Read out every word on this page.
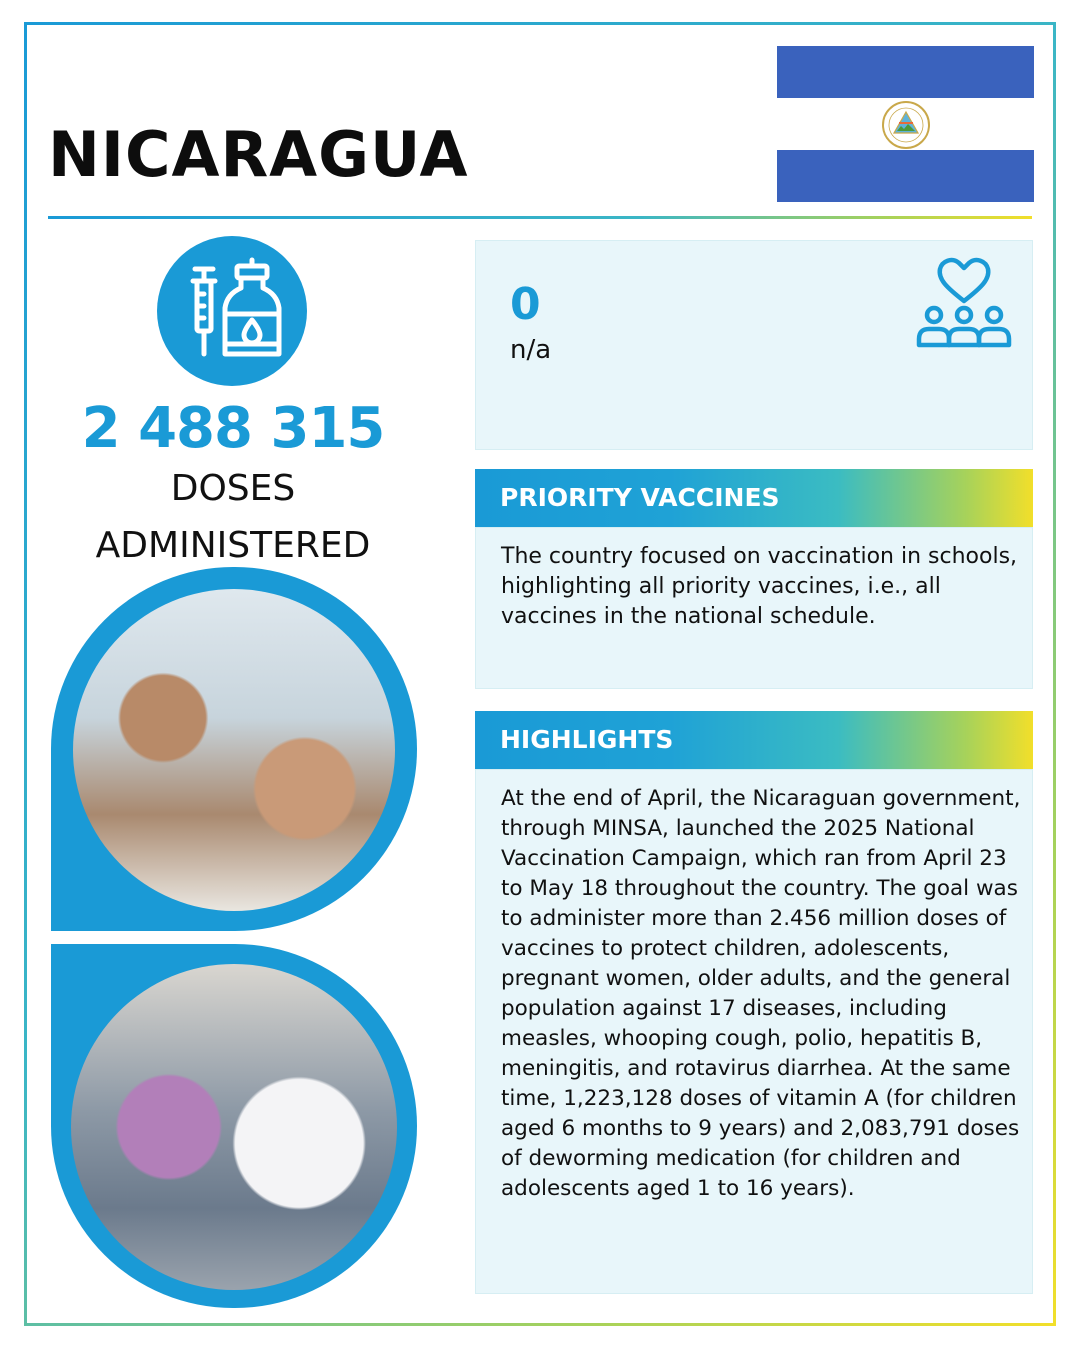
NICARAGUA
2 488 315
DOSES
ADMINISTERED
0
n/a
PRIORITY VACCINES
The country focused on vaccination in schools, highlighting all priority vaccines, i.e., all vaccines in the national schedule.
HIGHLIGHTS
At the end of April, the Nicaraguan government, through MINSA, launched the 2025 National Vaccination Campaign, which ran from April 23 to May 18 throughout the country. The goal was to administer more than 2.456 million doses of vaccines to protect children, adolescents, pregnant women, older adults, and the general population against 17 diseases, including measles, whooping cough, polio, hepatitis B, meningitis, and rotavirus diarrhea. At the same time, 1,223,128 doses of vitamin A (for children aged 6 months to 9 years) and 2,083,791 doses of deworming medication (for children and adolescents aged 1 to 16 years).
